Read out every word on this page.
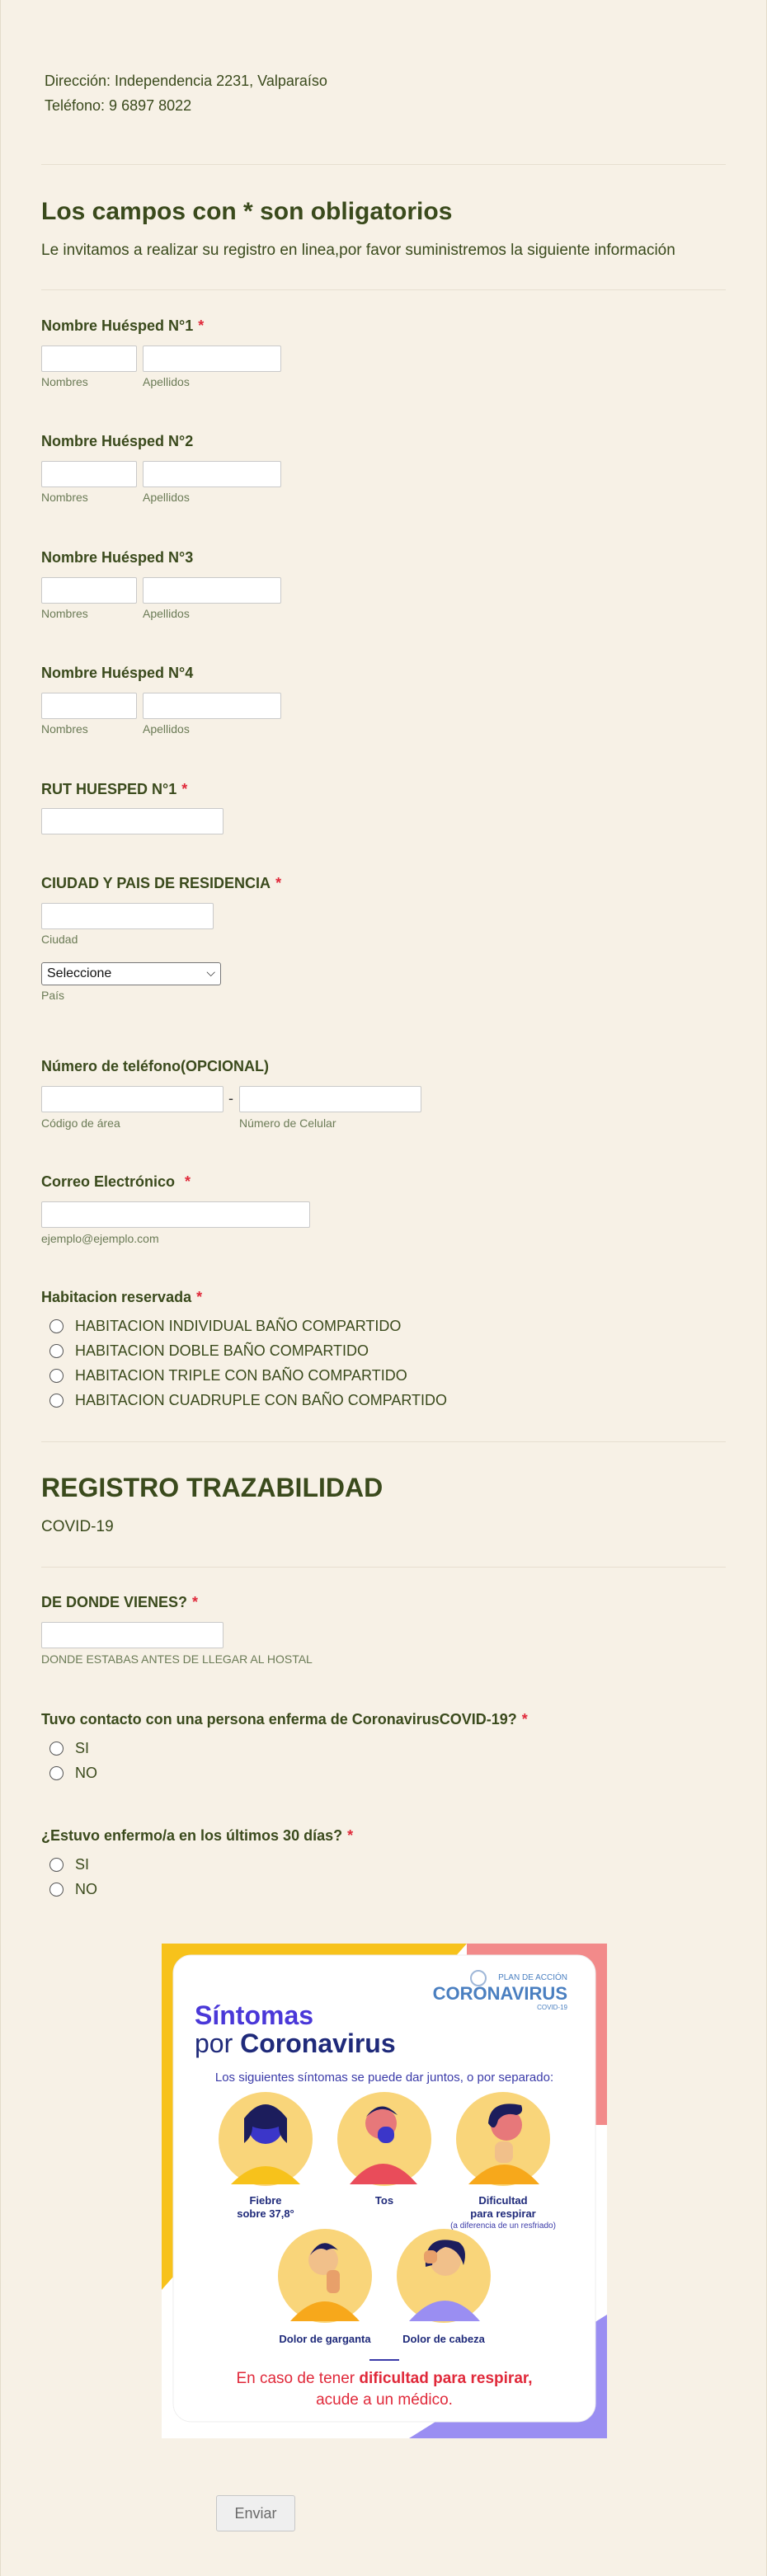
Dirección: Independencia 2231, Valparaíso
Teléfono: 9 6897 8022
Los campos con * son obligatorios
Le invitamos a realizar su registro en linea,por favor suministremos la siguiente información
Nombre Huésped N°1 *
Nombres	Apellidos
Nombre Huésped N°2
Nombres	Apellidos
Nombre Huésped N°3
Nombres	Apellidos
Nombre Huésped N°4
Nombres	Apellidos
RUT HUESPED N°1 *
CIUDAD Y PAIS DE RESIDENCIA *
Ciudad
Seleccione	⌵
País
Número de teléfono(OPCIONAL)
-
Código de área	Número de Celular
Correo Electrónico *
ejemplo@ejemplo.com
Habitacion reservada *
HABITACION INDIVIDUAL BAÑO COMPARTIDO
HABITACION DOBLE BAÑO COMPARTIDO
HABITACION TRIPLE CON BAÑO COMPARTIDO
HABITACION CUADRUPLE CON BAÑO COMPARTIDO
REGISTRO TRAZABILIDAD
COVID-19
DE DONDE VIENES? *
DONDE ESTABAS ANTES DE LLEGAR AL HOSTAL
Tuvo contacto con una persona enferma de CoronavirusCOVID-19? *
SI
NO
¿Estuvo enfermo/a en los últimos 30 días? *
SI
NO
PLAN DE ACCIÓN
CORONAVIRUS
COVID-19
Síntomas
por Coronavirus
Los siguientes síntomas se puede dar juntos, o por separado:
Fiebre
sobre 37,8°
Tos	Dificultad
para respirar
(a diferencia de un resfriado)
Dolor de garganta	Dolor de cabeza
En caso de tener dificultad para respirar,
acude a un médico.
Enviar
